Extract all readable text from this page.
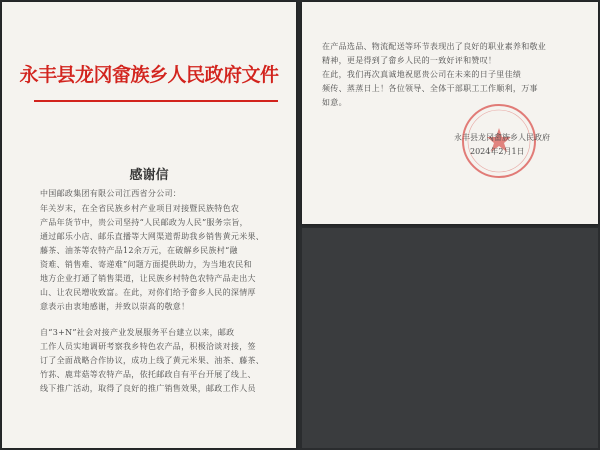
永丰县龙冈畲族乡人民政府文件
感谢信
中国邮政集团有限公司江西省分公司：
年关岁末，在全省民族乡村产业项目对接暨民族特色农
产品年货节中，贵公司坚持“人民邮政为人民”服务宗旨，
通过邮乐小店、邮乐直播等大网渠道帮助我乡销售黄元米果、
藤茶、油茶等农特产品12余万元，在破解乡民族村“融
资难、销售难、寄递难”问题方面提供助力，为当地农民和
地方企业打通了销售渠道，让民族乡村特色农特产品走出大
山、让农民增收致富。在此，对你们给予畲乡人民的深情厚
意表示由衷地感谢，并致以崇高的敬意！
自“3+N”社会对接产业发展服务平台建立以来，邮政
工作人员实地调研考察我乡特色农产品，积极洽谈对接，签
订了全面战略合作协议，成功上线了黄元米果、油茶、藤茶、
竹荪、鹿茸菇等农特产品，依托邮政自有平台开展了线上、
线下推广活动，取得了良好的推广销售效果，邮政工作人员
在产品选品、物流配送等环节表现出了良好的职业素养和敬业
精神，更是得到了畲乡人民的一致好评和赞叹！
在此，我们再次真诚地祝愿贵公司在未来的日子里佳绩
频传、蒸蒸日上！各位领导、全体干部职工工作顺利，万事
如意。
永丰县龙冈畲族乡人民政府
2024年2月1日
